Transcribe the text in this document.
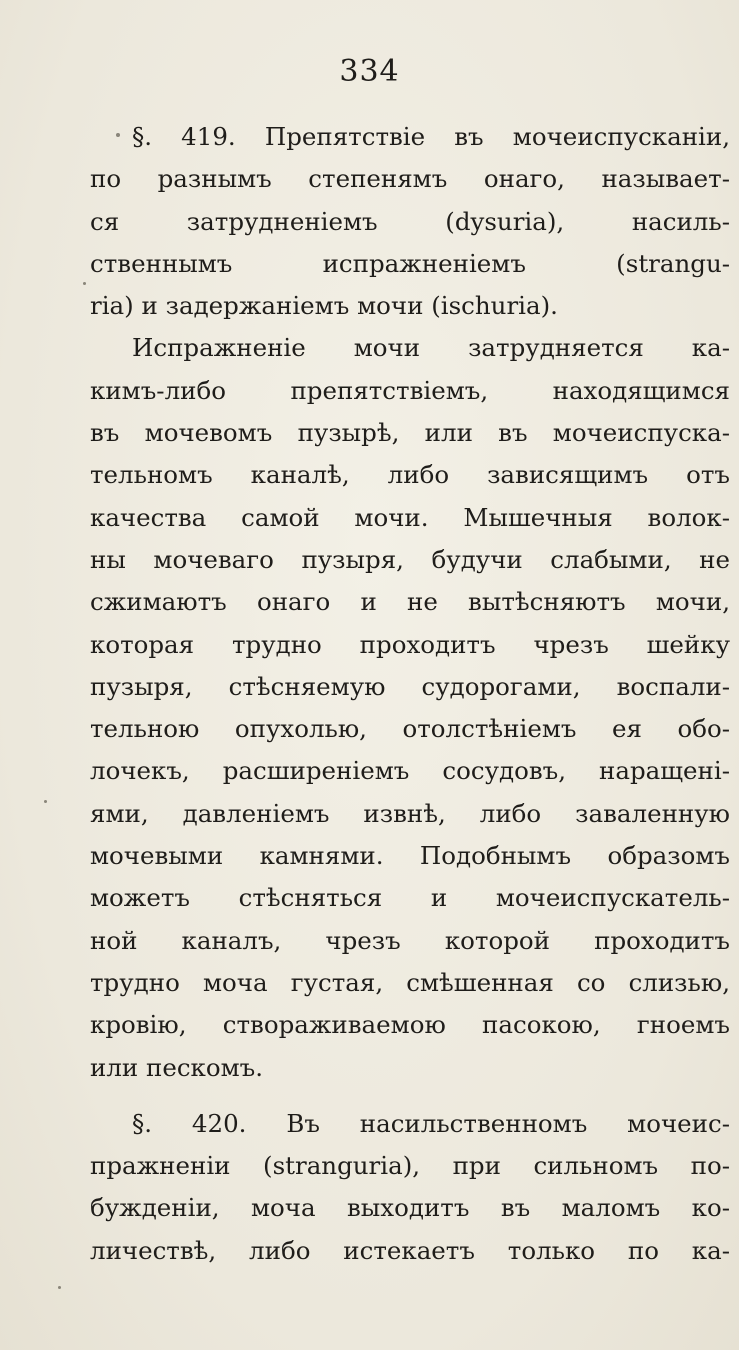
334
§. 419. Препятствіе въ мочеиспусканіи,
по разнымъ степенямъ онаго, называет-
ся затрудненіемъ (dysuria), насиль-
ственнымъ испражненіемъ (strangu-
ria) и задержаніемъ мочи (ischuria).
Испражненіе мочи затрудняется ка-
кимъ-либо препятствіемъ, находящимся
въ мочевомъ пузырѣ, или въ мочеиспуска-
тельномъ каналѣ, либо зависящимъ отъ
качества самой мочи. Мышечныя волок-
ны мочеваго пузыря, будучи слабыми, не
сжимаютъ онаго и не вытѣсняютъ мочи,
которая трудно проходитъ чрезъ шейку
пузыря, стѣсняемую судорогами, воспали-
тельною опухолью, отолстѣніемъ ея обо-
лочекъ, расширеніемъ сосудовъ, наращені-
ями, давленіемъ извнѣ, либо заваленную
мочевыми камнями. Подобнымъ образомъ
можетъ стѣсняться и мочеиспускатель-
ной каналъ, чрезъ которой проходитъ
трудно моча густая, смѣшенная со слизью,
кровію, створаживаемою пасокою, гноемъ
или пескомъ.
§. 420. Въ насильственномъ мочеис-
пражненіи (stranguria), при сильномъ по-
бужденіи, моча выходитъ въ маломъ ко-
личествѣ, либо истекаетъ только по ка-
